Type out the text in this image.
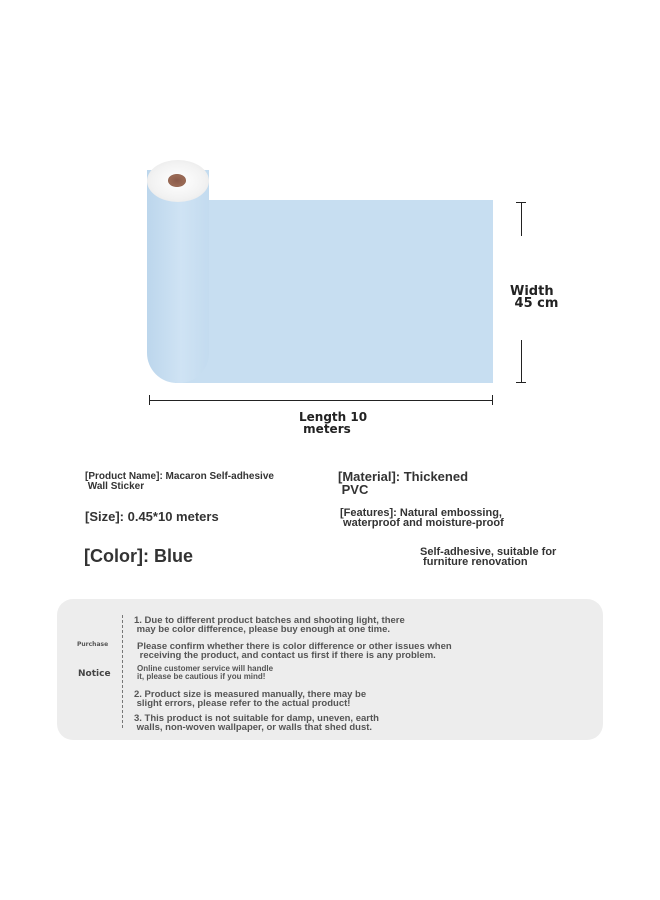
Width
45 cm
Length 10
meters
[Product Name]: Macaron Self-adhesive
Wall Sticker
[Material]: Thickened
PVC
[Size]: 0.45*10 meters	[Features]: Natural embossing,
waterproof and moisture-proof
[Color]: Blue	Self-adhesive, suitable for
furniture renovation
Purchase
Notice
1. Due to different product batches and shooting light, there
may be color difference, please buy enough at one time.
Please confirm whether there is color difference or other issues when
receiving the product, and contact us first if there is any problem.
Online customer service will handle
it, please be cautious if you mind!
2. Product size is measured manually, there may be
slight errors, please refer to the actual product!
3. This product is not suitable for damp, uneven, earth
walls, non-woven wallpaper, or walls that shed dust.
